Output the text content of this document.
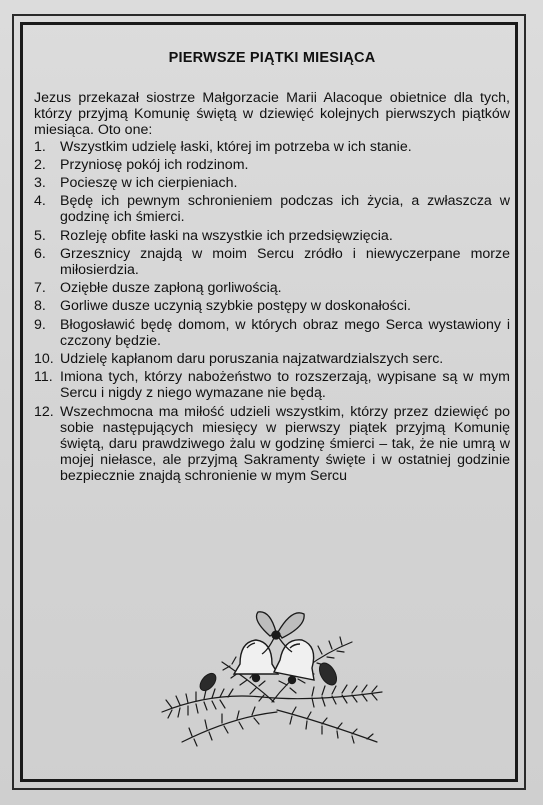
PIERWSZE PIĄTKI MIESIĄCA

Jezus przekazał siostrze Małgorzacie Marii Alacoque obietnice dla tych, którzy przyjmą Komunię świętą w dziewięć kolejnych pierwszych piątków miesiąca. Oto one:

1. Wszystkim udzielę łaski, której im potrzeba w ich stanie.
2. Przyniosę pokój ich rodzinom.
3. Pocieszę w ich cierpieniach.
4. Będę ich pewnym schronieniem podczas ich życia, a zwłaszcza w godzinę ich śmierci.
5. Rozleję obfite łaski na wszystkie ich przedsięwzięcia.
6. Grzesznicy znajdą w moim Sercu zródło i niewyczerpane morze miłosierdzia.
7. Oziębłe dusze zapłoną gorliwością.
8. Gorliwe dusze uczynią szybkie postępy w doskonałości.
9. Błogosławić będę domom, w których obraz mego Serca wystawiony i czczony będzie.
10. Udzielę kapłanom daru poruszania najzatwardzialszych serc.
11. Imiona tych, którzy nabożeństwo to rozszerzają, wypisane są w mym Sercu i nigdy z niego wymazane nie będą.
12. Wszechmocna ma miłość udzieli wszystkim, którzy przez dziewięć po sobie następujących miesięcy w pierwszy piątek przyjmą Komunię świętą, daru prawdziwego żalu w godzinę śmierci – tak, że nie umrą w mojej niełasce, ale przyjmą Sakramenty święte i w ostatniej godzinie bezpiecznie znajdą schronienie w mym Sercu
